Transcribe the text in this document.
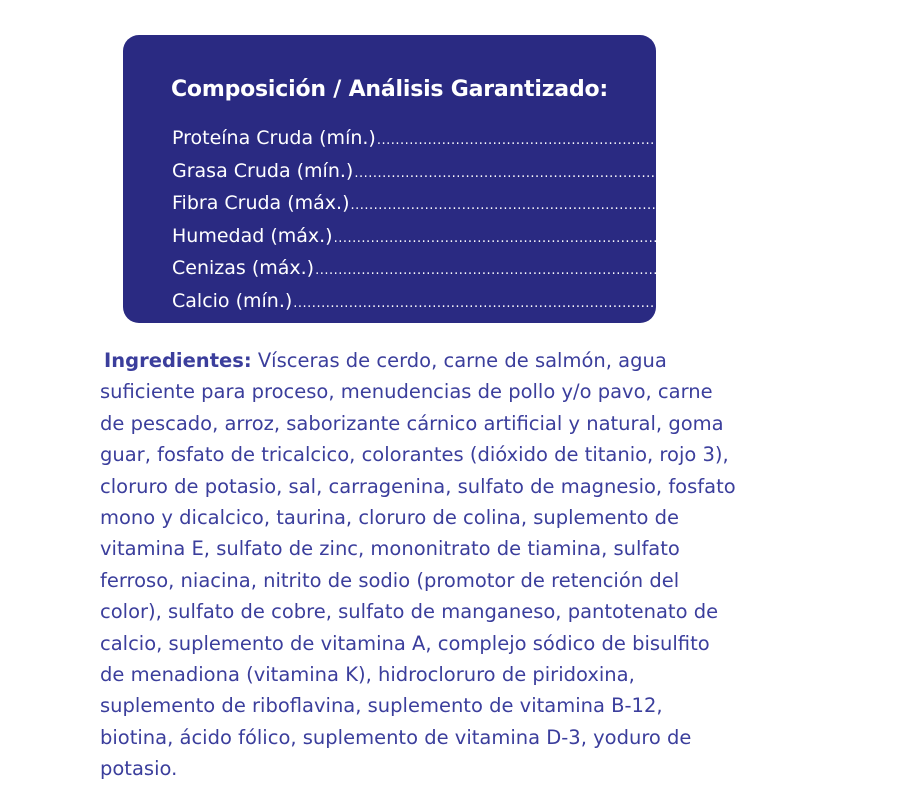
Composición / Análisis Garantizado:
Proteína Cruda (mín.) ...................................................................................................... 10,0%
Grasa Cruda (mín.) ...................................................................................................... 5,0%
Fibra Cruda (máx.) ...................................................................................................... 1,0%
Humedad (máx.) ...................................................................................................... 78,0%
Cenizas (máx.) ...................................................................................................... 3,3%
Calcio (mín.) ...................................................................................................... 0,22%
Fósforo (mín.) ...................................................................................................... 0,18%

Ingredientes: Vísceras de cerdo, carne de salmón, agua suficiente para proceso, menudencias de pollo y/o pavo, carne de pescado, arroz, saborizante cárnico artificial y natural, goma guar, fosfato de tricalcico, colorantes (dióxido de titanio, rojo 3), cloruro de potasio, sal, carragenina, sulfato de magnesio, fosfato mono y dicalcico, taurina, cloruro de colina, suplemento de vitamina E, sulfato de zinc, mononitrato de tiamina, sulfato ferroso, niacina, nitrito de sodio (promotor de retención del color), sulfato de cobre, sulfato de manganeso, pantotenato de calcio, suplemento de vitamina A, complejo sódico de bisulfito de menadiona (vitamina K), hidrocloruro de piridoxina, suplemento de riboflavina, suplemento de vitamina B-12, biotina, ácido fólico, suplemento de vitamina D-3, yoduro de potasio.
